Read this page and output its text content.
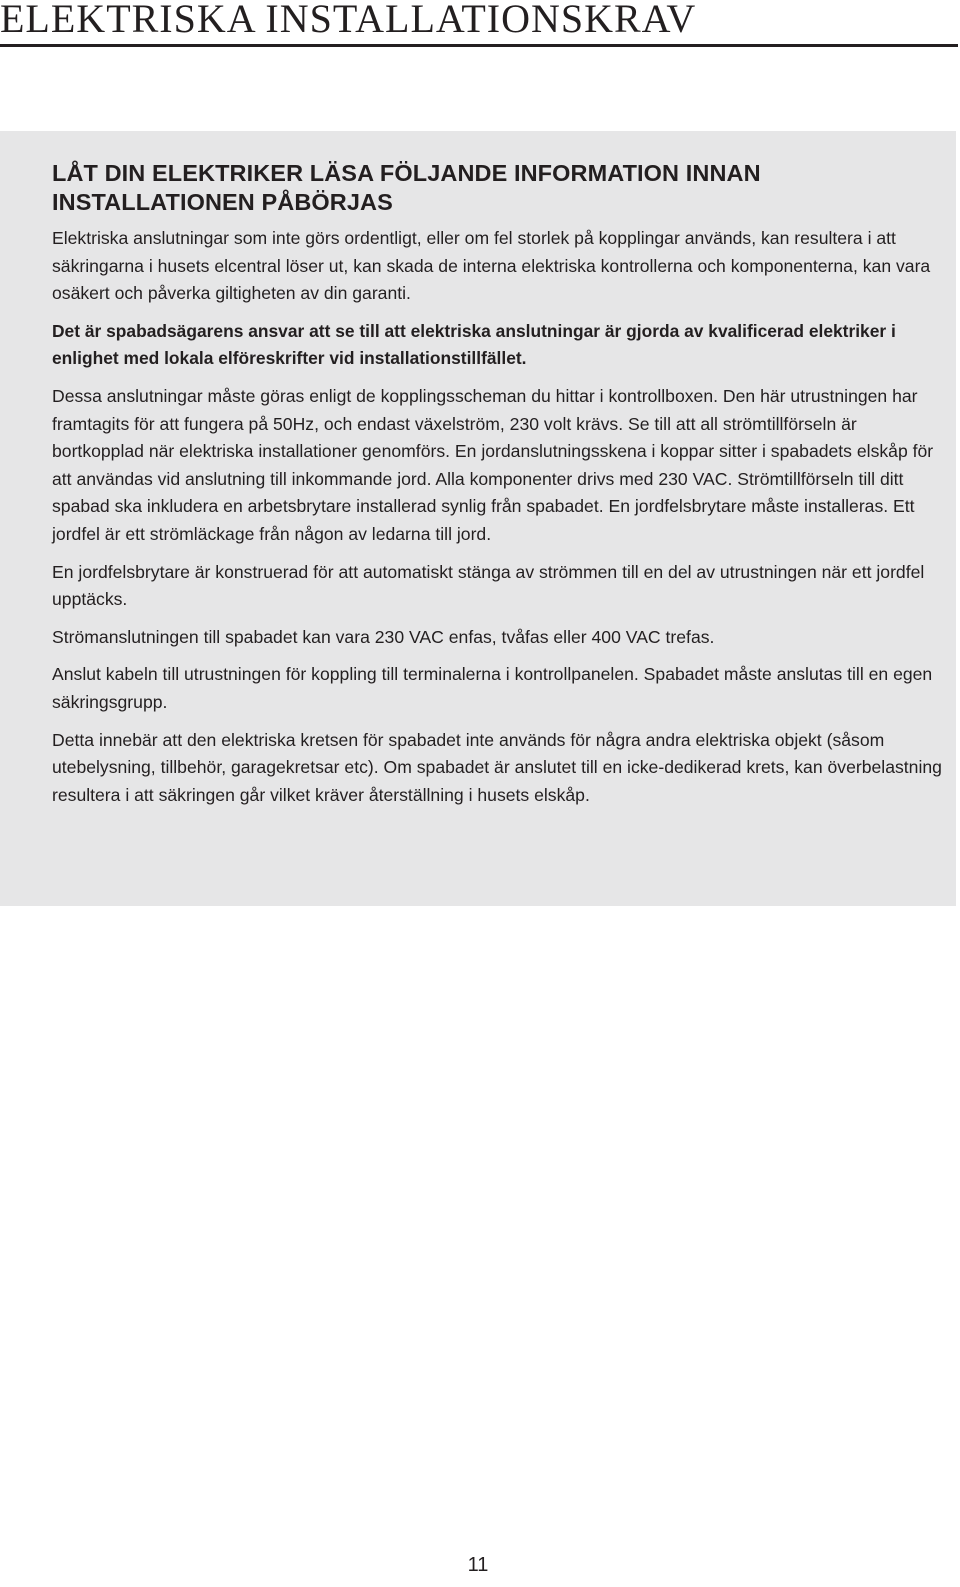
ELEKTRISKA INSTALLATIONSKRAV
LÅT DIN ELEKTRIKER LÄSA FÖLJANDE INFORMATION INNAN INSTALLATIONEN PÅBÖRJAS

Elektriska anslutningar som inte görs ordentligt, eller om fel storlek på kopplingar används, kan resultera i att säkringarna i husets elcentral löser ut, kan skada de interna elektriska kontrollerna och komponenterna, kan vara osäkert och påverka giltigheten av din garanti.

Det är spabadsägarens ansvar att se till att elektriska anslutningar är gjorda av kvalificerad elektriker i enlighet med lokala elföreskrifter vid installationstillfället.

Dessa anslutningar måste göras enligt de kopplingsscheman du hittar i kontrollboxen. Den här utrustningen har framtagits för att fungera på 50Hz, och endast växelström, 230 volt krävs. Se till att all strömtillförseln är bortkopplad när elektriska installationer genomförs. En jordanslutningsskena i koppar sitter i spabadets elskåp för att användas vid anslutning till inkommande jord. Alla komponenter drivs med 230 VAC. Strömtillförseln till ditt spabad ska inkludera en arbetsbrytare installerad synlig från spabadet. En jordfelsbrytare måste installeras. Ett jordfel är ett strömläckage från någon av ledarna till jord.

En jordfelsbrytare är konstruerad för att automatiskt stänga av strömmen till en del av utrustningen när ett jordfel upptäcks.

Strömanslutningen till spabadet kan vara 230 VAC enfas, tvåfas eller 400 VAC trefas.

Anslut kabeln till utrustningen för koppling till terminalerna i kontrollpanelen. Spabadet måste anslutas till en egen säkringsgrupp.

Detta innebär att den elektriska kretsen för spabadet inte används för några andra elektriska objekt (såsom utebelysning, tillbehör, garagekretsar etc). Om spabadet är anslutet till en icke-dedikerad krets, kan överbelastning resultera i att säkringen går vilket kräver återställning i husets elskåp.

11
